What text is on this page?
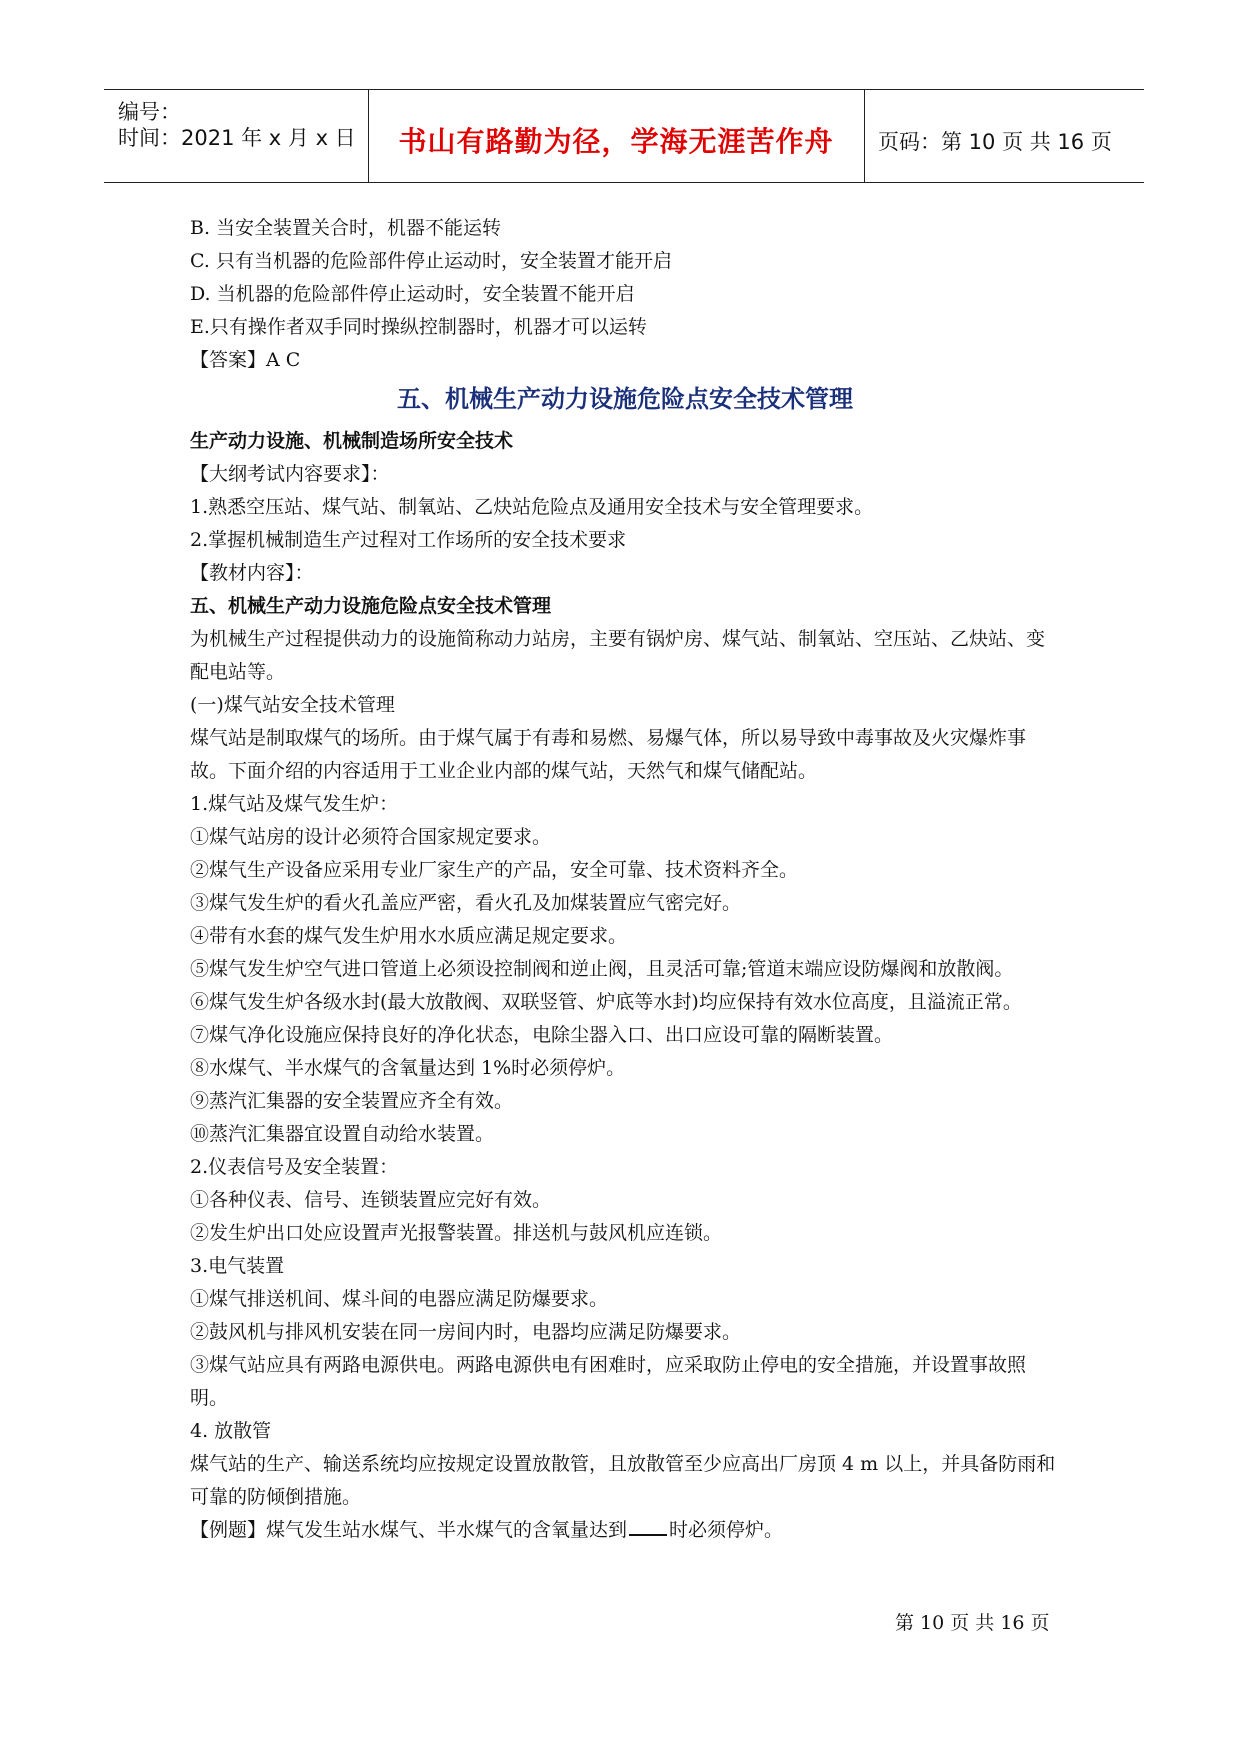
编号：
时间：2021 年 x 月 x 日	书山有路勤为径，学海无涯苦作舟	页码：第 10 页 共 16 页

B. 当安全装置关合时，机器不能运转

C. 只有当机器的危险部件停止运动时，安全装置才能开启

D. 当机器的危险部件停止运动时，安全装置不能开启

E.只有操作者双手同时操纵控制器时，机器才可以运转

【答案】A C

五、机械生产动力设施危险点安全技术管理

生产动力设施、机械制造场所安全技术

【大纲考试内容要求】：

1.熟悉空压站、煤气站、制氧站、乙炔站危险点及通用安全技术与安全管理要求。

2.掌握机械制造生产过程对工作场所的安全技术要求

【教材内容】：

五、机械生产动力设施危险点安全技术管理

为机械生产过程提供动力的设施简称动力站房，主要有锅炉房、煤气站、制氧站、空压站、乙炔站、变配电站等。

(一)煤气站安全技术管理

煤气站是制取煤气的场所。由于煤气属于有毒和易燃、易爆气体，所以易导致中毒事故及火灾爆炸事故。下面介绍的内容适用于工业企业内部的煤气站，天然气和煤气储配站。

1.煤气站及煤气发生炉：

①煤气站房的设计必须符合国家规定要求。

②煤气生产设备应采用专业厂家生产的产品，安全可靠、技术资料齐全。

③煤气发生炉的看火孔盖应严密，看火孔及加煤装置应气密完好。

④带有水套的煤气发生炉用水水质应满足规定要求。

⑤煤气发生炉空气进口管道上必须设控制阀和逆止阀，且灵活可靠;管道末端应设防爆阀和放散阀。

⑥煤气发生炉各级水封(最大放散阀、双联竖管、炉底等水封)均应保持有效水位高度，且溢流正常。

⑦煤气净化设施应保持良好的净化状态，电除尘器入口、出口应设可靠的隔断装置。

⑧水煤气、半水煤气的含氧量达到 1%时必须停炉。

⑨蒸汽汇集器的安全装置应齐全有效。

⑩蒸汽汇集器宜设置自动给水装置。

2.仪表信号及安全装置：

①各种仪表、信号、连锁装置应完好有效。

②发生炉出口处应设置声光报警装置。排送机与鼓风机应连锁。

3.电气装置

①煤气排送机间、煤斗间的电器应满足防爆要求。

②鼓风机与排风机安装在同一房间内时，电器均应满足防爆要求。

③煤气站应具有两路电源供电。两路电源供电有困难时，应采取防止停电的安全措施，并设置事故照明。

4. 放散管

煤气站的生产、输送系统均应按规定设置放散管，且放散管至少应高出厂房顶 4 m 以上，并具备防雨和可靠的防倾倒措施。

【例题】煤气发生站水煤气、半水煤气的含氧量达到 时必须停炉。

第 10 页 共 16 页
